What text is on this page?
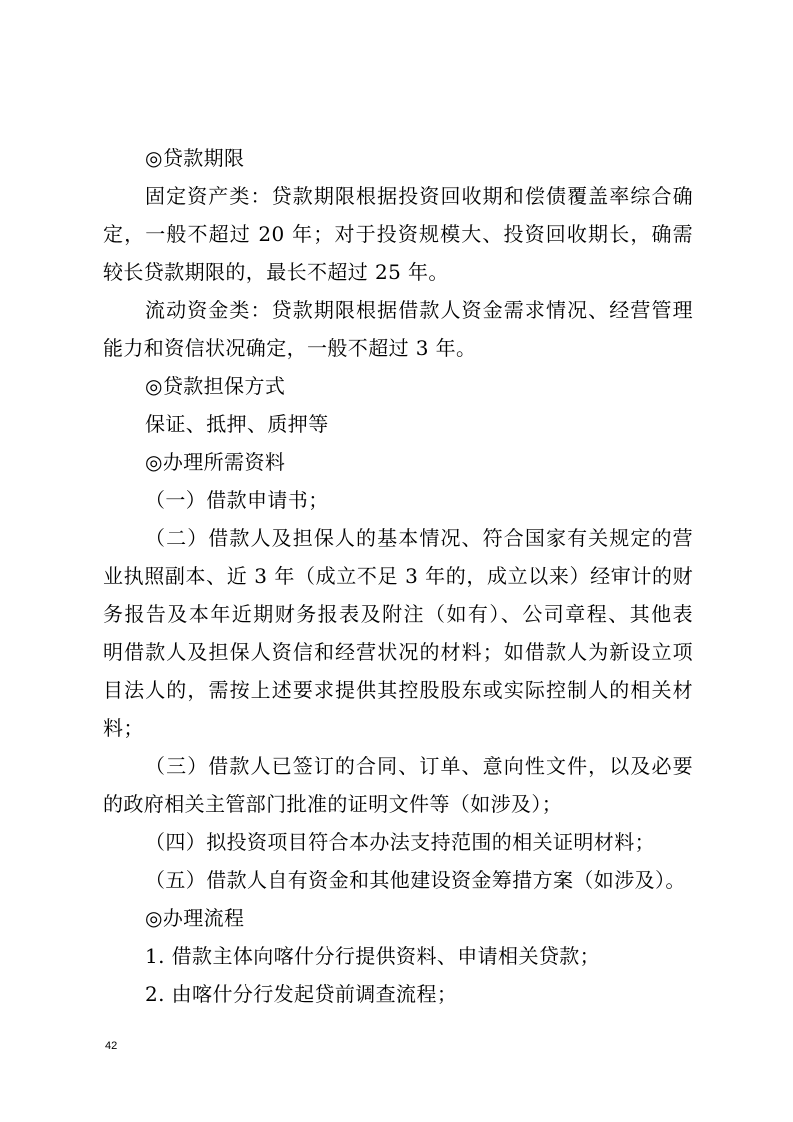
◎贷款期限
固定资产类：贷款期限根据投资回收期和偿债覆盖率综合确
定，一般不超过 20 年；对于投资规模大、投资回收期长，确需
较长贷款期限的，最长不超过 25 年。
流动资金类：贷款期限根据借款人资金需求情况、经营管理
能力和资信状况确定，一般不超过 3 年。
◎贷款担保方式
保证、抵押、质押等
◎办理所需资料
（一）借款申请书；
（二）借款人及担保人的基本情况、符合国家有关规定的营
业执照副本、近 3 年（成立不足 3 年的，成立以来）经审计的财
务报告及本年近期财务报表及附注（如有）、公司章程、其他表
明借款人及担保人资信和经营状况的材料；如借款人为新设立项
目法人的，需按上述要求提供其控股股东或实际控制人的相关材
料；
（三）借款人已签订的合同、订单、意向性文件，以及必要
的政府相关主管部门批准的证明文件等（如涉及）；
（四）拟投资项目符合本办法支持范围的相关证明材料；
（五）借款人自有资金和其他建设资金筹措方案（如涉及）。
◎办理流程
1. 借款主体向喀什分行提供资料、申请相关贷款；
2. 由喀什分行发起贷前调查流程；
42
